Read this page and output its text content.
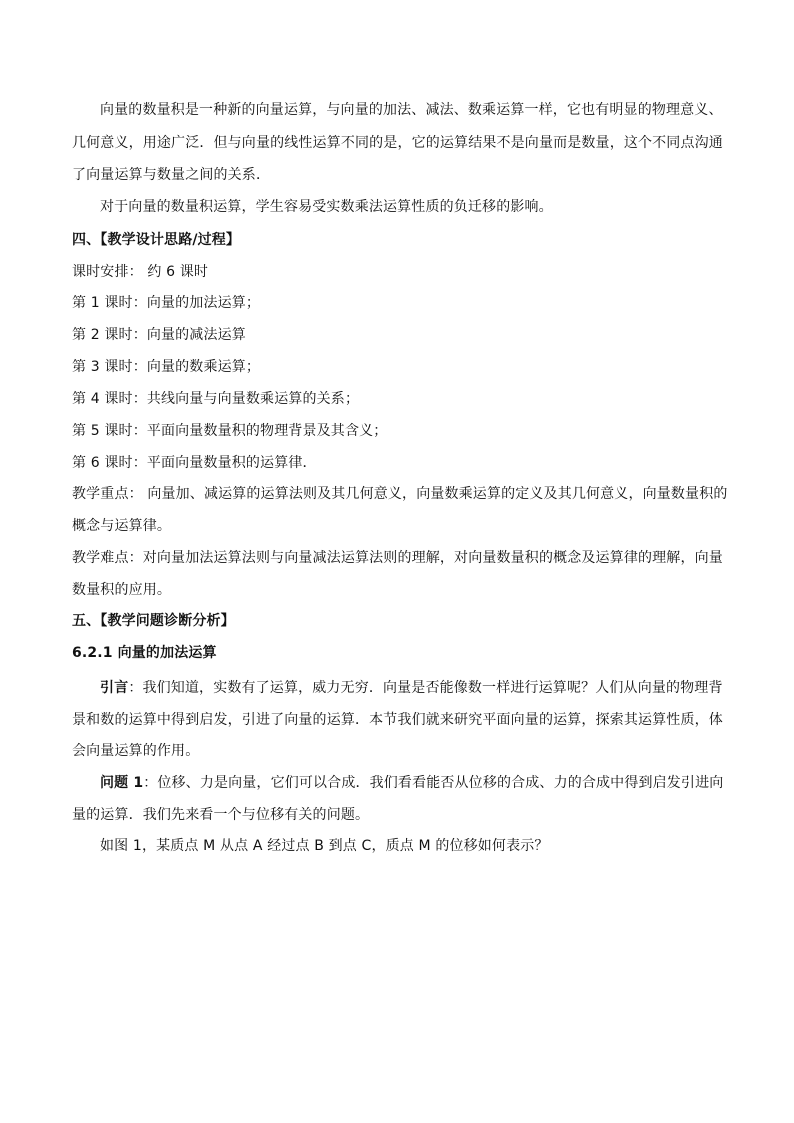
向量的数量积是一种新的向量运算，与向量的加法、减法、数乘运算一样，它也有明显的物理意义、
几何意义，用途广泛．但与向量的线性运算不同的是，它的运算结果不是向量而是数量，这个不同点沟通
了向量运算与数量之间的关系．
对于向量的数量积运算，学生容易受实数乘法运算性质的负迁移的影响。
四、【教学设计思路/过程】
课时安排： 约 6 课时
第 1 课时：向量的加法运算；
第 2 课时：向量的减法运算
第 3 课时：向量的数乘运算；
第 4 课时：共线向量与向量数乘运算的关系；
第 5 课时：平面向量数量积的物理背景及其含义；
第 6 课时：平面向量数量积的运算律．
教学重点： 向量加、减运算的运算法则及其几何意义，向量数乘运算的定义及其几何意义，向量数量积的
概念与运算律。
教学难点：对向量加法运算法则与向量减法运算法则的理解，对向量数量积的概念及运算律的理解，向量
数量积的应用。
五、【教学问题诊断分析】
6.2.1 向量的加法运算
引言：我们知道，实数有了运算，威力无穷．向量是否能像数一样进行运算呢？人们从向量的物理背
景和数的运算中得到启发，引进了向量的运算．本节我们就来研究平面向量的运算，探索其运算性质，体
会向量运算的作用。
问题 1：位移、力是向量，它们可以合成．我们看看能否从位移的合成、力的合成中得到启发引进向
量的运算．我们先来看一个与位移有关的问题。
如图 1，某质点 M 从点 A 经过点 B 到点 C，质点 M 的位移如何表示？
